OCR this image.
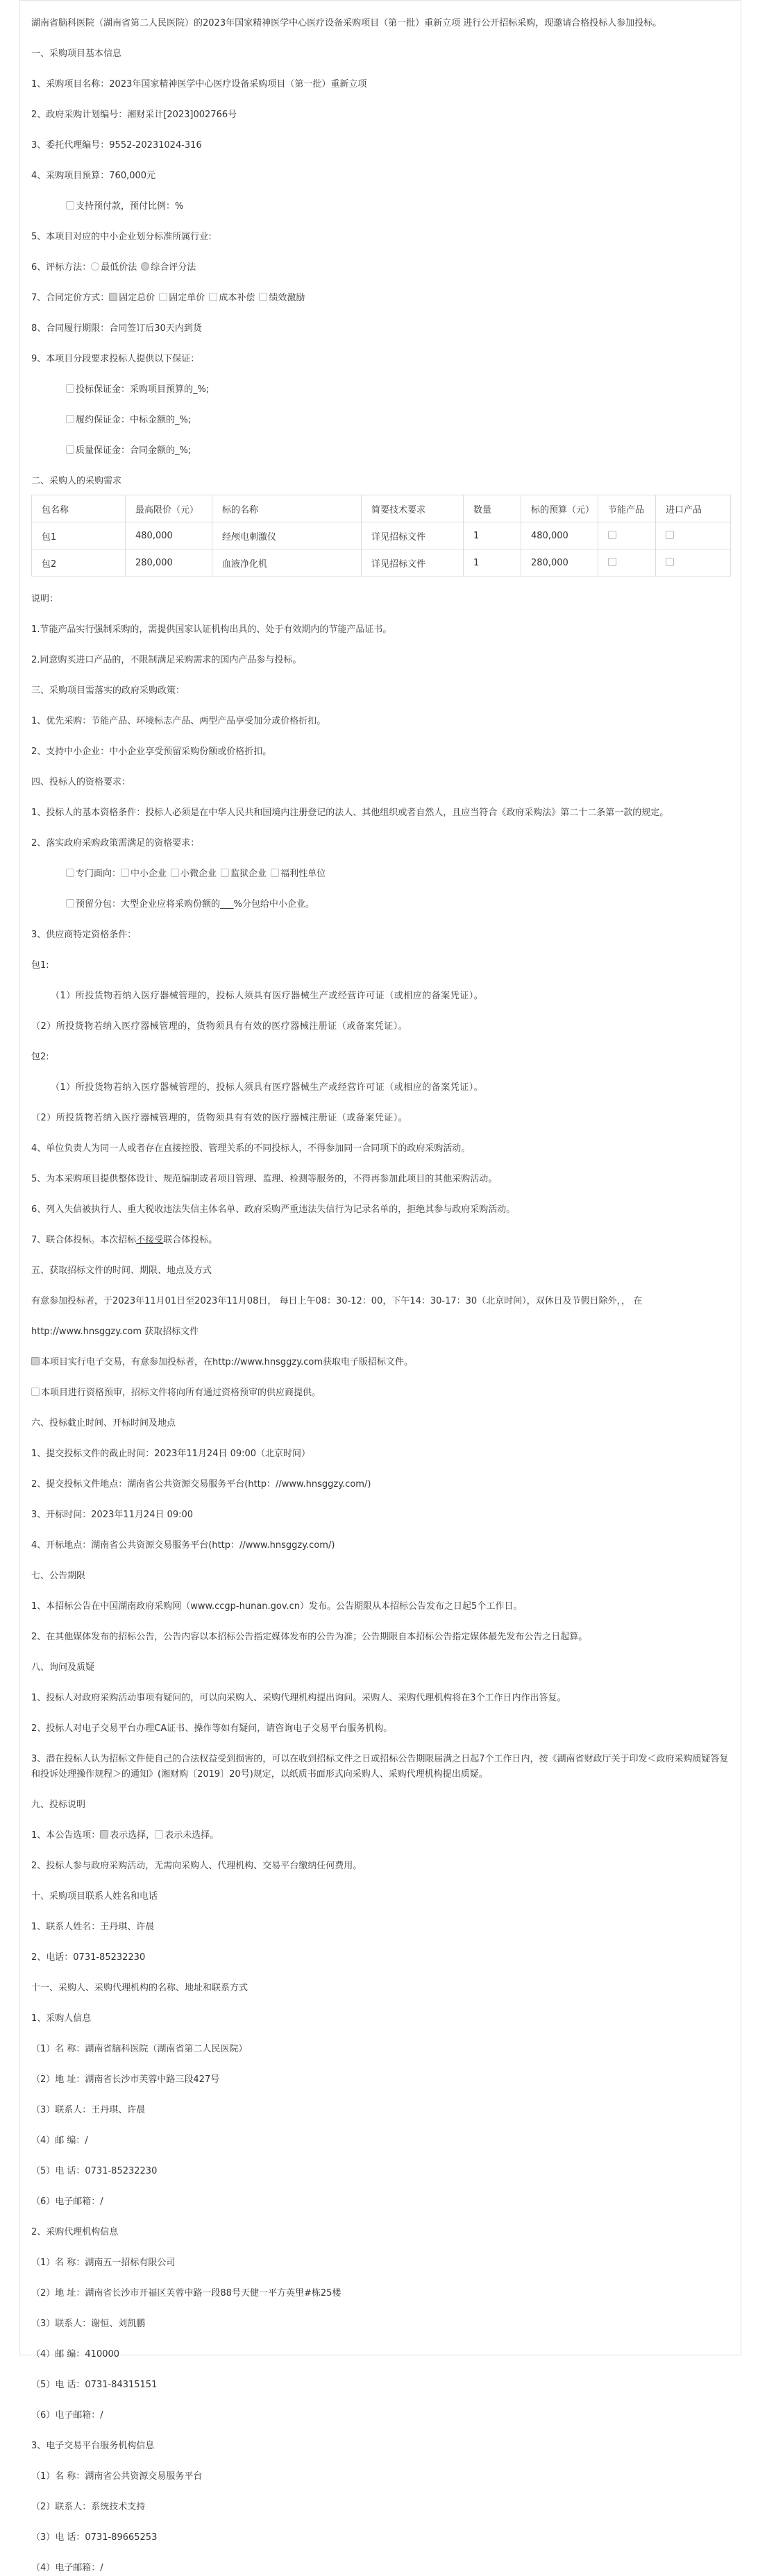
湖南省脑科医院（湖南省第二人民医院）的2023年国家精神医学中心医疗设备采购项目（第一批）重新立项 进行公开招标采购，现邀请合格投标人参加投标。
一、采购项目基本信息
1、采购项目名称：2023年国家精神医学中心医疗设备采购项目（第一批）重新立项
2、政府采购计划编号：湘财采计[2023]002766号
3、委托代理编号：9552-20231024-316
4、采购项目预算：760,000元
支持预付款，预付比例：%
5、本项目对应的中小企业划分标准所属行业:
6、评标方法： 最低价法 综合评分法
7、合同定价方式： 固定总价 固定单价 成本补偿 绩效激励
8、合同履行期限：合同签订后30天内到货
9、本项目分段要求投标人提供以下保证：
投标保证金：采购项目预算的_%;
履约保证金：中标金额的_%;
质量保证金：合同金额的_%;
二、采购人的采购需求
包名称	最高限价（元）	标的名称	简要技术要求	数量	标的预算（元）	节能产品	进口产品
包1	480,000	经颅电刺激仪	详见招标文件	1	480,000		
包2	280,000	血液净化机	详见招标文件	1	280,000		
说明：
1.节能产品实行强制采购的，需提供国家认证机构出具的、处于有效期内的节能产品证书。
2.同意购买进口产品的，不限制满足采购需求的国内产品参与投标。
三、采购项目需落实的政府采购政策：
1、优先采购：节能产品、环境标志产品、两型产品享受加分或价格折扣。
2、支持中小企业：中小企业享受预留采购份额或价格折扣。
四、投标人的资格要求：
1、投标人的基本资格条件：投标人必须是在中华人民共和国境内注册登记的法人、其他组织或者自然人，且应当符合《政府采购法》第二十二条第一款的规定。
2、落实政府采购政策需满足的资格要求：
专门面向： 中小企业 小微企业 监狱企业 福利性单位
预留分包：大型企业应将采购份额的___%分包给中小企业。
3、供应商特定资格条件：
包1:
（1）所投货物若纳入医疗器械管理的，投标人须具有医疗器械生产或经营许可证（或相应的备案凭证）。
（2）所投货物若纳入医疗器械管理的，货物须具有有效的医疗器械注册证（或备案凭证）。
包2:
（1）所投货物若纳入医疗器械管理的，投标人须具有医疗器械生产或经营许可证（或相应的备案凭证）。
（2）所投货物若纳入医疗器械管理的，货物须具有有效的医疗器械注册证（或备案凭证）。
4、单位负责人为同一人或者存在直接控股、管理关系的不同投标人，不得参加同一合同项下的政府采购活动。
5、为本采购项目提供整体设计、规范编制或者项目管理、监理、检测等服务的，不得再参加此项目的其他采购活动。
6、列入失信被执行人、重大税收违法失信主体名单、政府采购严重违法失信行为记录名单的，拒绝其参与政府采购活动。
7、联合体投标。本次招标不接受联合体投标。
五、获取招标文件的时间、期限、地点及方式
有意参加投标者，于2023年11月01日至2023年11月08日， 每日上午08：30-12：00，下午14：30-17：30（北京时间），双休日及节假日除外，， 在
http://www.hnsggzy.com 获取招标文件
本项目实行电子交易，有意参加投标者，在http://www.hnsggzy.com获取电子版招标文件。
本项目进行资格预审，招标文件将向所有通过资格预审的供应商提供。
六、投标截止时间、开标时间及地点
1、提交投标文件的截止时间：2023年11月24日 09:00（北京时间）
2、提交投标文件地点：湖南省公共资源交易服务平台(http：//www.hnsggzy.com/)
3、开标时间：2023年11月24日 09:00
4、开标地点：湖南省公共资源交易服务平台(http：//www.hnsggzy.com/)
七、公告期限
1、本招标公告在中国湖南政府采购网（www.ccgp-hunan.gov.cn）发布。公告期限从本招标公告发布之日起5个工作日。
2、在其他媒体发布的招标公告，公告内容以本招标公告指定媒体发布的公告为准；公告期限自本招标公告指定媒体最先发布公告之日起算。
八、询问及质疑
1、投标人对政府采购活动事项有疑问的，可以向采购人、采购代理机构提出询问。采购人、采购代理机构将在3个工作日内作出答复。
2、投标人对电子交易平台办理CA证书、操作等如有疑问，请咨询电子交易平台服务机构。
3、潜在投标人认为招标文件使自己的合法权益受到损害的，可以在收到招标文件之日或招标公告期限届满之日起7个工作日内，按《湖南省财政厅关于印发＜政府采购质疑答复和投诉处理操作规程＞的通知》(湘财购〔2019〕20号)规定，以纸质书面形式向采购人、采购代理机构提出质疑。
九、投标说明
1、本公告选项： 表示选择， 表示未选择。
2、投标人参与政府采购活动，无需向采购人、代理机构、交易平台缴纳任何费用。
十、采购项目联系人姓名和电话
1、联系人姓名：王丹琪、许晨
2、电话：0731-85232230
十一、采购人、采购代理机构的名称、地址和联系方式
1、采购人信息
（1）名 称：湖南省脑科医院（湖南省第二人民医院）
（2）地 址：湖南省长沙市芙蓉中路三段427号
（3）联系人：王丹琪、许晨
（4）邮 编：/
（5）电 话：0731-85232230
（6）电子邮箱：/
2、采购代理机构信息
（1）名 称：湖南五一招标有限公司
（2）地 址：湖南省长沙市开福区芙蓉中路一段88号天健一平方英里#栋25楼
（3）联系人：谢恒、刘凯鹏
（4）邮 编：410000
（5）电 话：0731-84315151
（6）电子邮箱：/
3、电子交易平台服务机构信息
（1）名 称：湖南省公共资源交易服务平台
（2）联系人：系统技术支持
（3）电 话：0731-89665253
（4）电子邮箱：/
